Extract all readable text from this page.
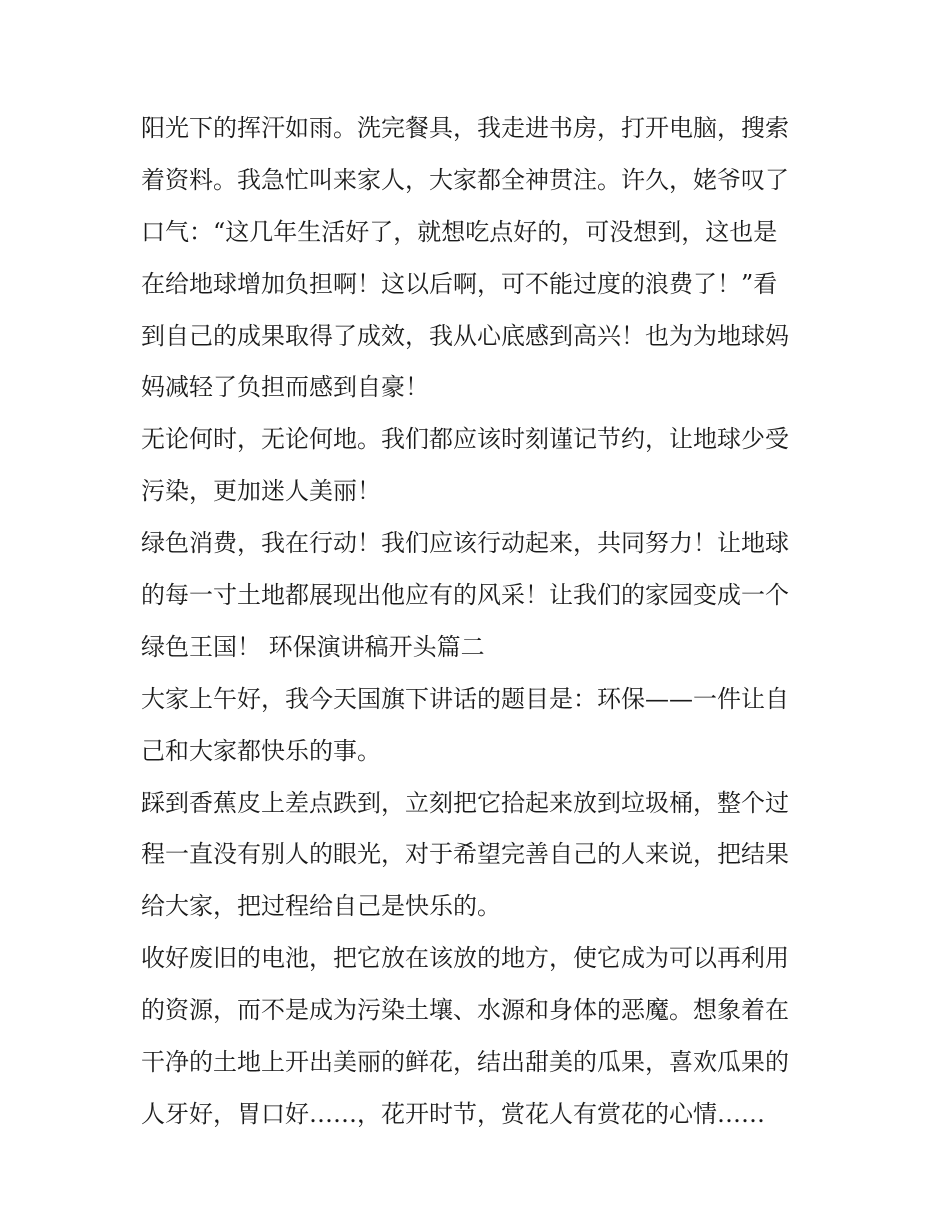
阳光下的挥汗如雨。洗完餐具，我走进书房，打开电脑，搜索
着资料。我急忙叫来家人，大家都全神贯注。许久，姥爷叹了
口气：“这几年生活好了，就想吃点好的，可没想到，这也是
在给地球增加负担啊！这以后啊，可不能过度的浪费了！”看
到自己的成果取得了成效，我从心底感到高兴！也为为地球妈
妈减轻了负担而感到自豪！
无论何时，无论何地。我们都应该时刻谨记节约，让地球少受
污染，更加迷人美丽！
绿色消费，我在行动！我们应该行动起来，共同努力！让地球
的每一寸土地都展现出他应有的风采！让我们的家园变成一个
绿色王国！ 环保演讲稿开头篇二
大家上午好，我今天国旗下讲话的题目是：环保——一件让自
己和大家都快乐的事。
踩到香蕉皮上差点跌到，立刻把它拾起来放到垃圾桶，整个过
程一直没有别人的眼光，对于希望完善自己的人来说，把结果
给大家，把过程给自己是快乐的。
收好废旧的电池，把它放在该放的地方，使它成为可以再利用
的资源，而不是成为污染土壤、水源和身体的恶魔。想象着在
干净的土地上开出美丽的鲜花，结出甜美的瓜果，喜欢瓜果的
人牙好，胃口好……，花开时节，赏花人有赏花的心情……
